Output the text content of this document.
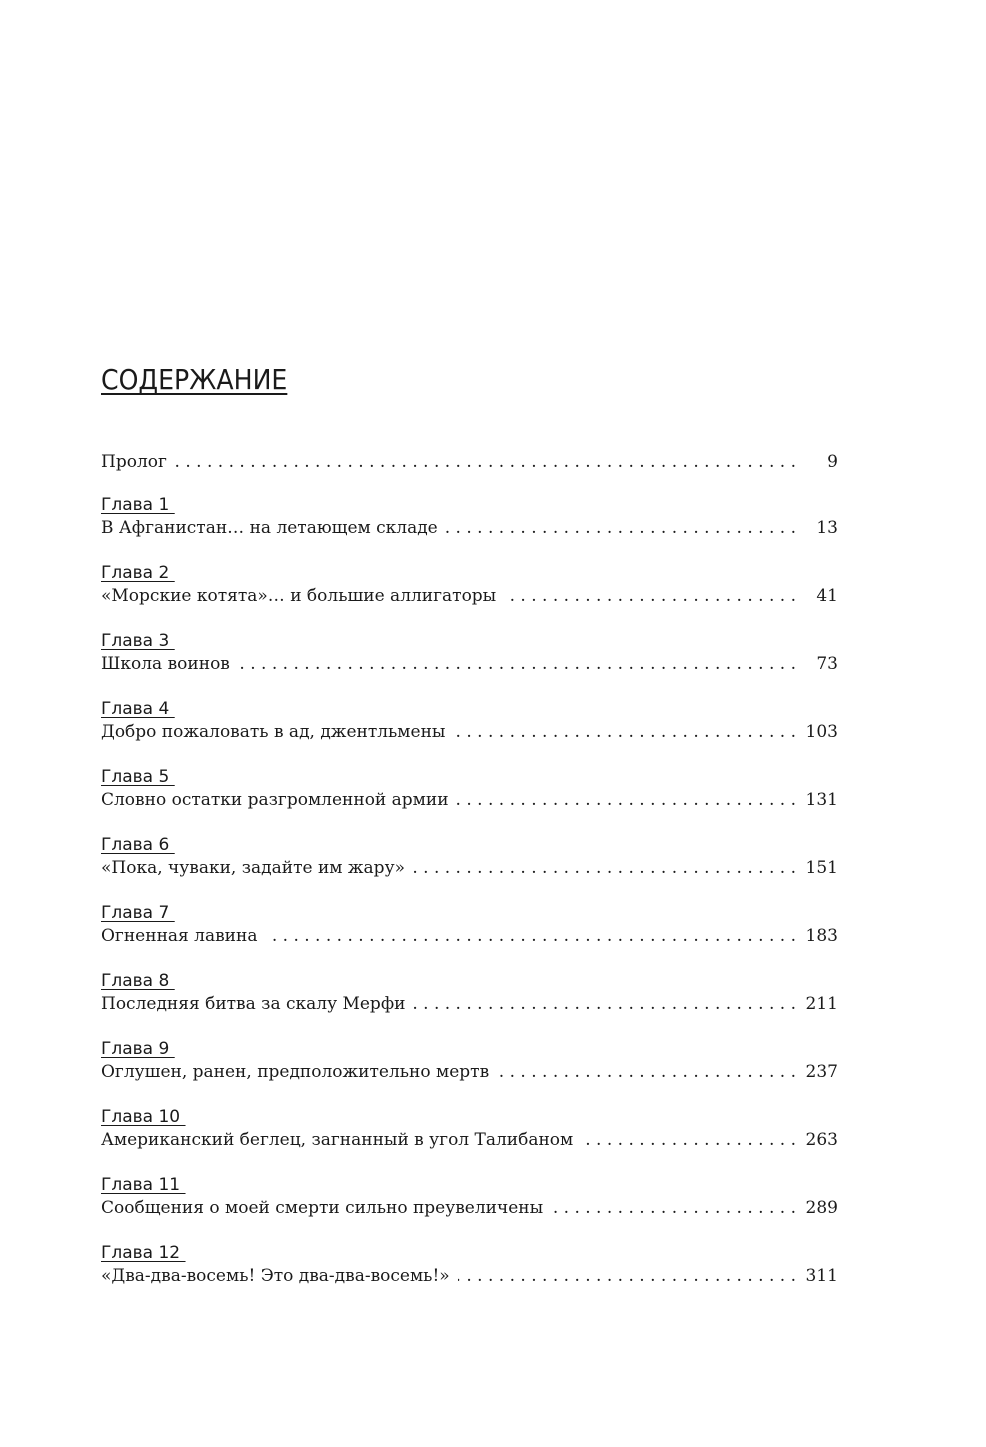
СОДЕРЖАНИЕ
Пролог . . .	9
Глава 1
В Афганистан… на летающем складе . . .	13
Глава 2
«Морские котята»… и большие аллигаторы . . .	41
Глава 3
Школа воинов . . .	73
Глава 4
Добро пожаловать в ад, джентльмены . . .	103
Глава 5
Словно остатки разгромленной армии . . .	131
Глава 6
«Пока, чуваки, задайте им жару» . . .	151
Глава 7
Огненная лавина . . .	183
Глава 8
Последняя битва за скалу Мерфи . . .	211
Глава 9
Оглушен, ранен, предположительно мертв . . .	237
Глава 10
Американский беглец, загнанный в угол Талибаном . . .	263
Глава 11
Сообщения о моей смерти сильно преувеличены . . .	289
Глава 12
«Два-два-восемь! Это два-два-восемь!» . . .	311
